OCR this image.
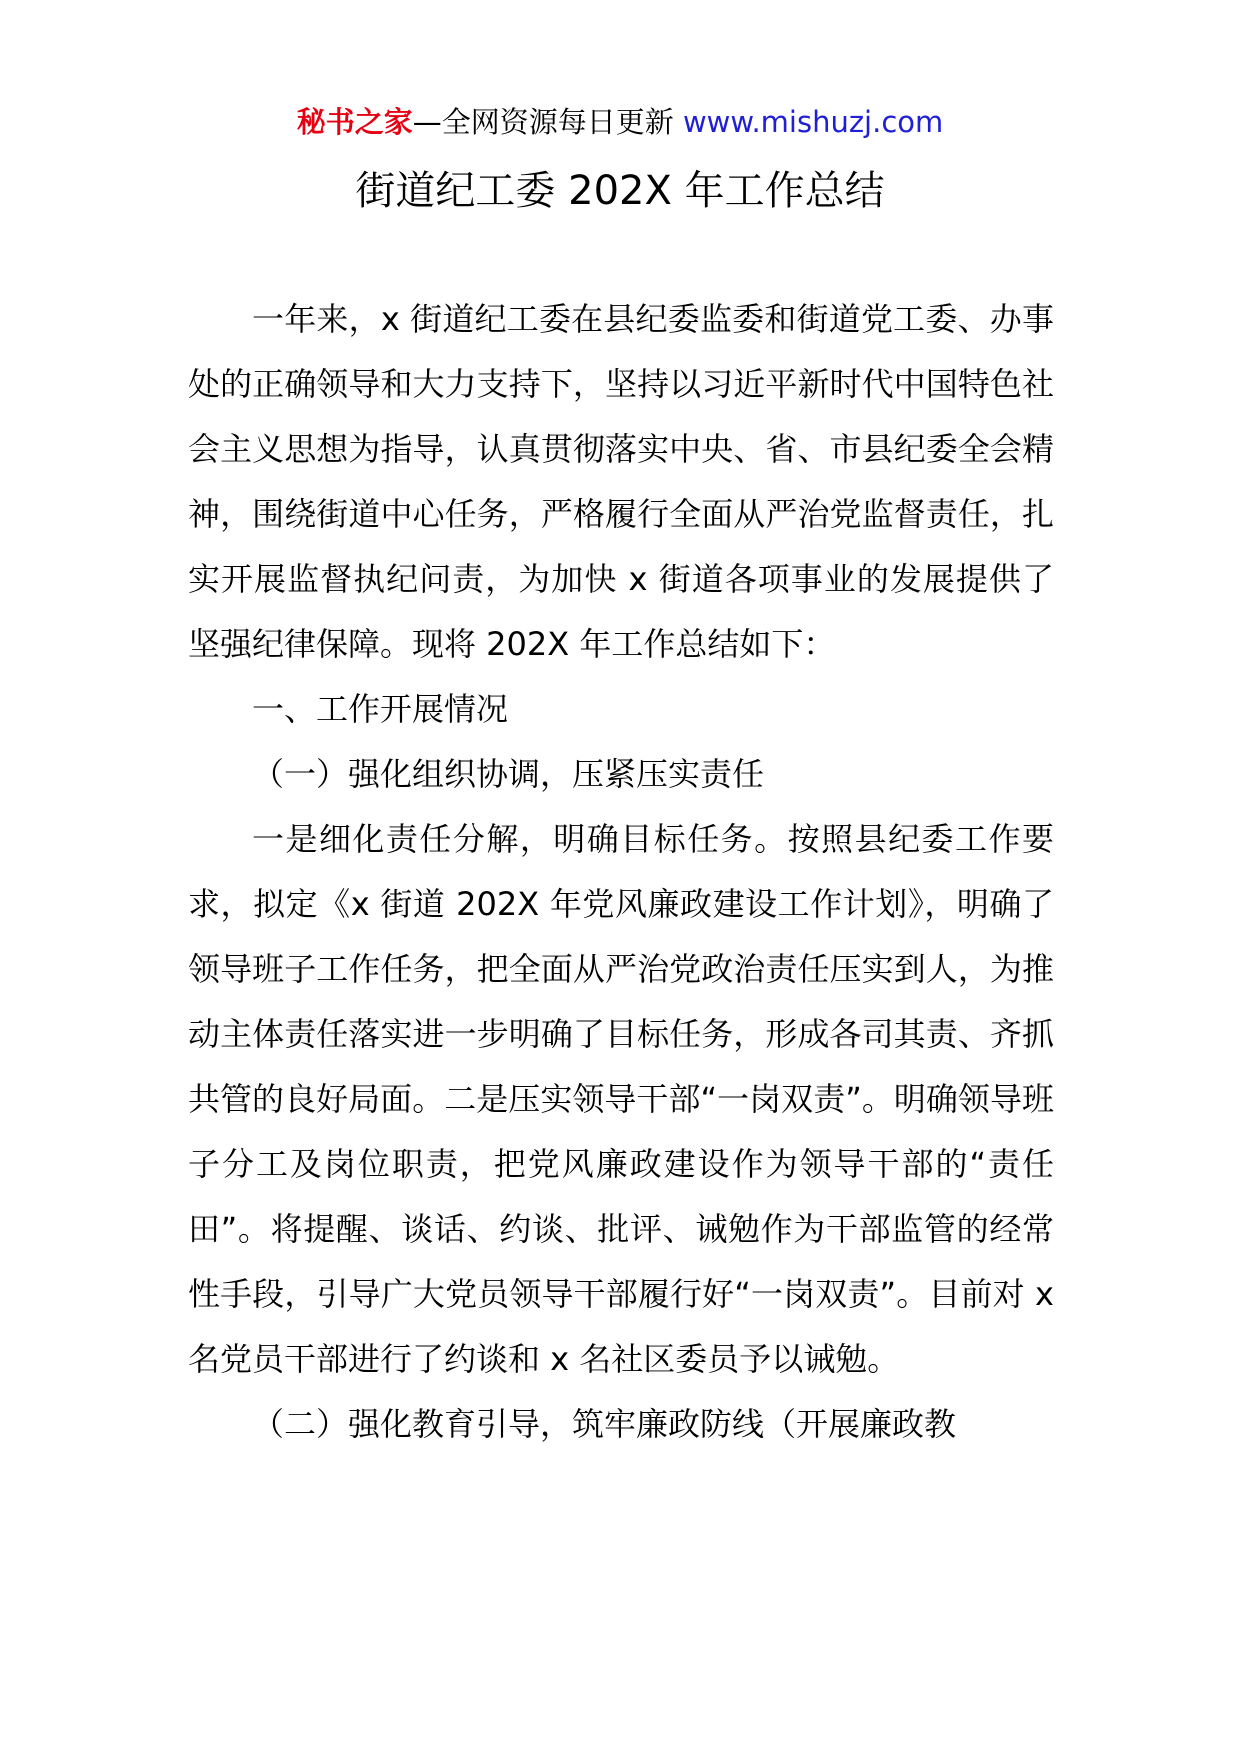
秘书之家—全网资源每日更新 www.mishuzj.com
街道纪工委 202X 年工作总结

一年来，x 街道纪工委在县纪委监委和街道党工委、办事处的正确领导和大力支持下，坚持以习近平新时代中国特色社会主义思想为指导，认真贯彻落实中央、省、市县纪委全会精神，围绕街道中心任务，严格履行全面从严治党监督责任，扎实开展监督执纪问责，为加快 x 街道各项事业的发展提供了坚强纪律保障。现将 202X 年工作总结如下：

一、工作开展情况

（一）强化组织协调，压紧压实责任

一是细化责任分解，明确目标任务。按照县纪委工作要求，拟定《x 街道 202X 年党风廉政建设工作计划》，明确了领导班子工作任务，把全面从严治党政治责任压实到人，为推动主体责任落实进一步明确了目标任务，形成各司其责、齐抓共管的良好局面。二是压实领导干部“一岗双责”。明确领导班子分工及岗位职责，把党风廉政建设作为领导干部的“责任田”。将提醒、谈话、约谈、批评、诫勉作为干部监管的经常性手段，引导广大党员领导干部履行好“一岗双责”。目前对 x 名党员干部进行了约谈和 x 名社区委员予以诫勉。

（二）强化教育引导，筑牢廉政防线（开展廉政教
